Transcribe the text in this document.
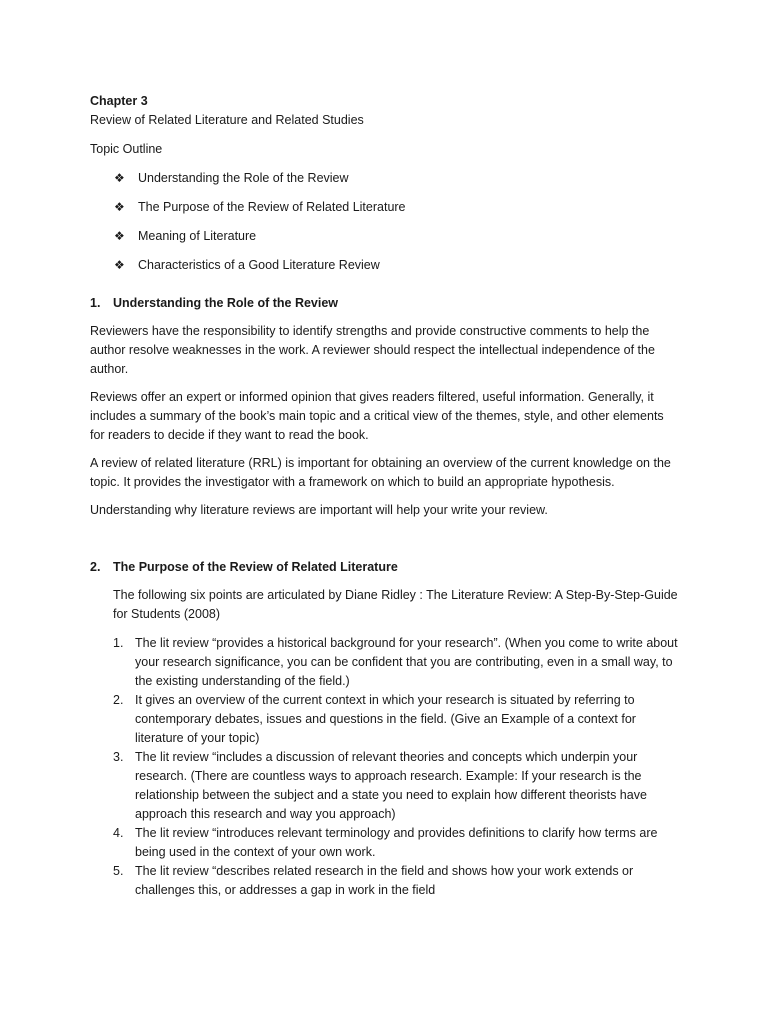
Chapter 3

Review of Related Literature and Related Studies

Topic Outline

❖ Understanding the Role of the Review
❖ The Purpose of the Review of Related Literature
❖ Meaning of Literature
❖ Characteristics of a Good Literature Review

1. Understanding the Role of the Review

Reviewers have the responsibility to identify strengths and provide constructive comments to help the author resolve weaknesses in the work. A reviewer should respect the intellectual independence of the author.

Reviews offer an expert or informed opinion that gives readers filtered, useful information. Generally, it includes a summary of the book’s main topic and a critical view of the themes, style, and other elements for readers to decide if they want to read the book.

A review of related literature (RRL) is important for obtaining an overview of the current knowledge on the topic. It provides the investigator with a framework on which to build an appropriate hypothesis.

Understanding why literature reviews are important will help your write your review.

2. The Purpose of the Review of Related Literature

The following six points are articulated by Diane Ridley : The Literature Review: A Step-By-Step-Guide for Students (2008)

1. The lit review “provides a historical background for your research”. (When you come to write about your research significance, you can be confident that you are contributing, even in a small way, to the existing understanding of the field.)
2. It gives an overview of the current context in which your research is situated by referring to contemporary debates, issues and questions in the field. (Give an Example of a context for literature of your topic)
3. The lit review “includes a discussion of relevant theories and concepts which underpin your research. (There are countless ways to approach research. Example: If your research is the relationship between the subject and a state you need to explain how different theorists have approach this research and way you approach)
4. The lit review “introduces relevant terminology and provides definitions to clarify how terms are being used in the context of your own work.
5. The lit review “describes related research in the field and shows how your work extends or challenges this, or addresses a gap in work in the field
